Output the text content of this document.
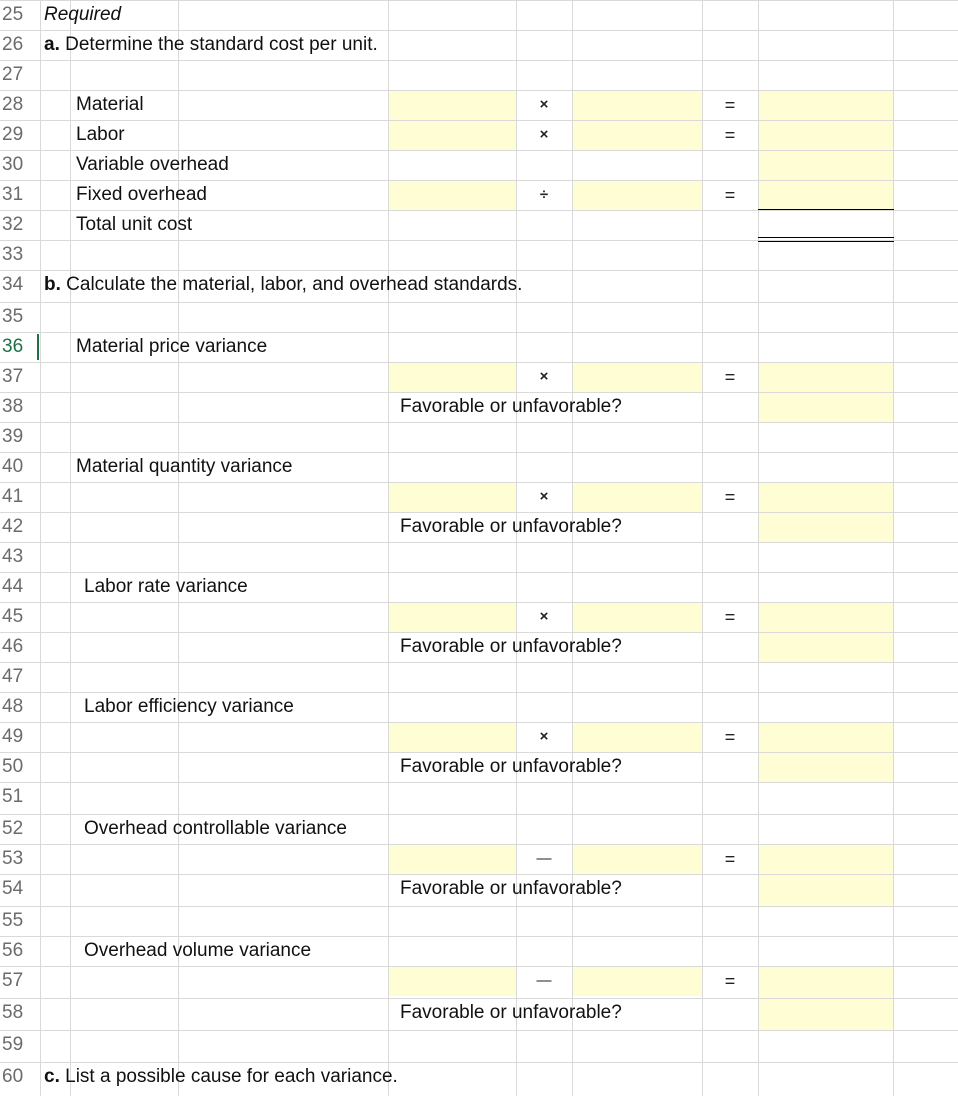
25	Required
26	a. Determine the standard cost per unit.
27
28	Material	×	=
29	Labor	×	=
30	Variable overhead
31	Fixed overhead	÷	=
32	Total unit cost
33
34	b. Calculate the material, labor, and overhead standards.
35
36	Material price variance
37	×	=
38	Favorable or unfavorable?
39
40	Material quantity variance
41	×	=
42	Favorable or unfavorable?
43
44	Labor rate variance
45	×	=
46	Favorable or unfavorable?
47
48	Labor efficiency variance
49	×	=
50	Favorable or unfavorable?
51
52	Overhead controllable variance
53	—	=
54	Favorable or unfavorable?
55
56	Overhead volume variance
57	—	=
58	Favorable or unfavorable?
59
60	c. List a possible cause for each variance.
